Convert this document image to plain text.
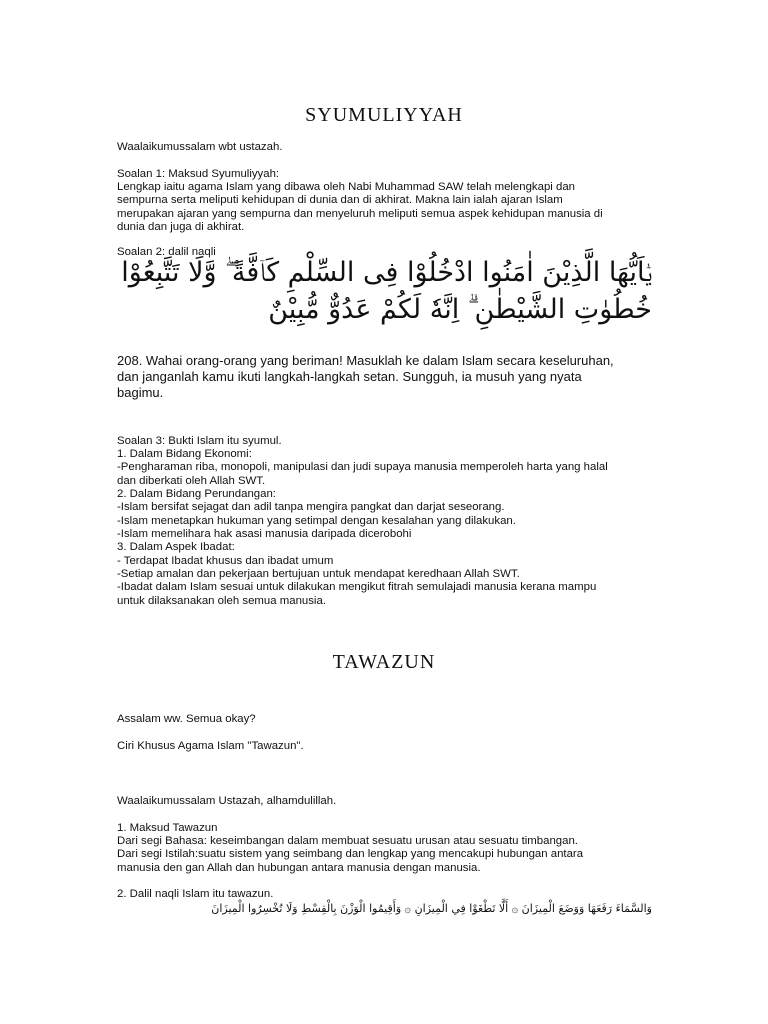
SYUMULIYYAH
Waalaikumussalam wbt ustazah.
Soalan 1: Maksud Syumuliyyah:
Lengkap iaitu agama Islam yang dibawa oleh Nabi Muhammad SAW telah melengkapi dan
sempurna serta meliputi kehidupan di dunia dan di akhirat. Makna lain ialah ajaran Islam
merupakan ajaran yang sempurna dan menyeluruh meliputi semua aspek kehidupan manusia di
dunia dan juga di akhirat.
Soalan 2: dalil naqli
يٰۤاَيُّهَا الَّذِيْنَ اٰمَنُوا ادْخُلُوْا فِى السِّلْمِ كَاۤفَّةً ۖ وَّلَا تَتَّبِعُوْا
خُطُوٰتِ الشَّيْطٰنِ ۗ اِنَّهٗ لَكُمْ عَدُوٌّ مُّبِيْنٌ
208. Wahai orang-orang yang beriman! Masuklah ke dalam Islam secara keseluruhan,
dan janganlah kamu ikuti langkah-langkah setan. Sungguh, ia musuh yang nyata
bagimu.
Soalan 3: Bukti Islam itu syumul.
1. Dalam Bidang Ekonomi:
-Pengharaman riba, monopoli, manipulasi dan judi supaya manusia memperoleh harta yang halal
dan diberkati oleh Allah SWT.
2. Dalam Bidang Perundangan:
-Islam bersifat sejagat dan adil tanpa mengira pangkat dan darjat seseorang.
-Islam menetapkan hukuman yang setimpal dengan kesalahan yang dilakukan.
-Islam memelihara hak asasi manusia daripada dicerobohi
3. Dalam Aspek Ibadat:
- Terdapat Ibadat khusus dan ibadat umum
-Setiap amalan dan pekerjaan bertujuan untuk mendapat keredhaan Allah SWT.
-Ibadat dalam Islam sesuai untuk dilakukan mengikut fitrah semulajadi manusia kerana mampu
untuk dilaksanakan oleh semua manusia.
TAWAZUN
Assalam ww. Semua okay?
Ciri Khusus Agama Islam "Tawazun".
Waalaikumussalam Ustazah, alhamdulillah.
1. Maksud Tawazun
Dari segi Bahasa: keseimbangan dalam membuat sesuatu urusan atau sesuatu timbangan.
Dari segi Istilah:suatu sistem yang seimbang dan lengkap yang mencakupi hubungan antara
manusia den gan Allah dan hubungan antara manusia dengan manusia.
2. Dalil naqli Islam itu tawazun.
وَالسَّمَاءَ رَفَعَهَا وَوَضَعَ الْمِيزَانَ ۞ أَلَّا تَطْغَوْا فِي الْمِيزَانِ ۞ وَأَقِيمُوا الْوَزْنَ بِالْقِسْطِ وَلَا تُخْسِرُوا الْمِيزَانَ
